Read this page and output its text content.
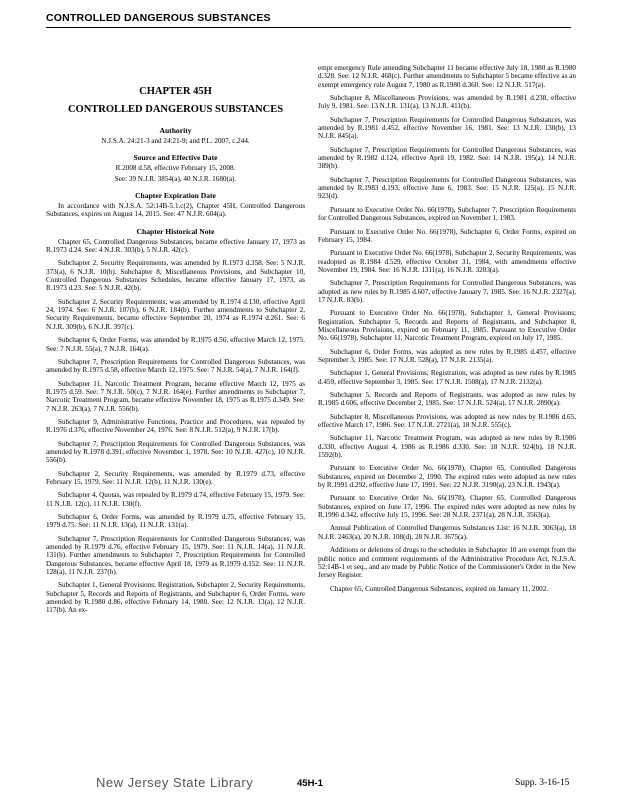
CONTROLLED DANGEROUS SUBSTANCES
CHAPTER 45H
CONTROLLED DANGEROUS SUBSTANCES
Authority
N.J.S.A. 24:21-3 and 24:21-9; and P.L. 2007, c.244.
Source and Effective Date
R.2008 d.58, effective February 15, 2008.
See: 39 N.J.R. 3854(a), 40 N.J.R. 1680(a).
Chapter Expiration Date
In accordance with N.J.S.A. 52:14B-5.1.c(2), Chapter 45H, Controlled Dangerous Substances, expires on August 14, 2015. See: 47 N.J.R. 604(a).
Chapter Historical Note
Chapter 65, Controlled Dangerous Substances, became effective January 17, 1973 as R.1973 d.24. See: 4 N.J.R. 303(b), 5 N.J.R. 42(c).
Subchapter 2, Security Requirements, was amended by R.1973 d.358. See: 5 N.J.R. 373(a), 6 N.J.R. 10(b). Subchapter 8, Miscellaneous Provisions, and Subchapter 10, Controlled Dangerous Substances Schedules, became effective January 17, 1973, as R.1973 d.23. See: 5 N.J.R. 42(b).
Subchapter 2, Security Requirements, was amended by R.1974 d.130, effective April 24, 1974. See: 6 N.J.R. 107(b), 6 N.J.R. 184(b). Further amendments to Subchapter 2, Security Requirements, became effective September 20, 1974 as R.1974 d.261. See: 6 N.J.R. 309(b), 6 N.J.R. 397(c).
Subchapter 6, Order Forms, was amended by R.1975 d.56, effective March 12, 1975. See: 7 N.J.R. 55(a), 7 N.J.R. 164(a).
Subchapter 7, Prescription Requirements for Controlled Dangerous Substances, was amended by R.1975 d.58, effective March 12, 1975. See: 7 N.J.R. 54(a), 7 N.J.R. 164(f).
Subchapter 11, Narcotic Treatment Program, became effective March 12, 1975 as R.1975 d.59. See: 7 N.J.R. 50(c), 7 N.J.R. 164(e). Further amendments to Subchapter 7, Narcotic Treatment Program, became effective November 18, 1975 as R.1975 d.349. See: 7 N.J.R. 263(a), 7 N.J.R. 556(b).
Subchapter 9, Administrative Functions, Practice and Procedures, was repealed by R.1976 d.376, effective November 24, 1976. See: 8 N.J.R. 512(a), 9 N.J.R. 17(b).
Subchapter 7, Prescription Requirements for Controlled Dangerous Substances, was amended by R.1978 d.391, effective November 1, 1978. See: 10 N.J.R. 427(c), 10 N.J.R. 556(b).
Subchapter 2, Security Requirements, was amended by R.1979 d.73, effective February 15, 1979. See: 11 N.J.R. 12(b), 11 N.J.R. 130(e).
Subchapter 4, Quotas, was repealed by R.1979 d.74, effective February 15, 1979. See: 11 N.J.R. 12(c), 11 N.J.R. 130(f).
Subchapter 6, Order Forms, was amended by R.1979 d.75, effective February 15, 1979 d.75. See: 11 N.J.R. 13(a), 11 N.J.R. 131(a).
Subchapter 7, Prescription Requirements for Controlled Dangerous Substances, was amended by R.1979 d.76, effective February 15, 1979. See: 11 N.J.R. 14(a), 11 N.J.R. 131(b). Further amendments to Subchapter 7, Prescription Requirements for Controlled Dangerous Substances, became effective April 18, 1979 as R.1979 d.152. See: 11 N.J.R. 128(a), 11 N.J.R. 237(b).
Subchapter 1, General Provisions; Registration, Subchapter 2, Security Requirements, Subchapter 5, Records and Reports of Registrants, and Subchapter 6, Order Forms, were amended by R.1980 d.86, effective February 14, 1980. See: 12 N.J.R. 13(a), 12 N.J.R. 117(b). An ex-
empt emergency Rule amending Subchapter 11 became effective July 18, 1980 as R.1980 d.328. See: 12 N.J.R. 468(c). Further amendments to Subchapter 5 became effective as an exempt emergency rule August 7, 1980 as R.1980 d.360. See: 12 N.J.R. 517(a).
Subchapter 8, Miscellaneous Provisions, was amended by R.1981 d.238, effective July 9, 1981. See: 13 N.J.R. 131(a), 13 N.J.R. 411(b).
Subchapter 7, Prescription Requirements for Controlled Dangerous Substances, was amended by R.1981 d.452, effective November 16, 1981. See: 13 N.J.R. 130(b), 13 N.J.R. 845(a).
Subchapter 7, Prescription Requirements for Controlled Dangerous Substances, was amended by R.1982 d.124, effective April 19, 1982. See: 14 N.J.R. 195(a), 14 N.J.R. 389(b).
Subchapter 7, Prescription Requirements for Controlled Dangerous Substances, was amended by R.1983 d.193, effective June 6, 1983. See: 15 N.J.R. 125(a), 15 N.J.R. 923(d).
Pursuant to Executive Order No. 66(1978), Subchapter 7, Prescription Requirements for Controlled Dangerous Substances, expired on November 1, 1983.
Pursuant to Executive Order No. 66(1978), Subchapter 6, Order Forms, expired on February 15, 1984.
Pursuant to Executive Order No. 66(1978), Subchapter 2, Security Requirements, was readopted as R.1984 d.529, effective October 31, 1984, with amendments effective November 19, 1984. See: 16 N.J.R. 1311(a), 16 N.J.R. 3203(a).
Subchapter 7, Prescription Requirements for Controlled Dangerous Substances, was adopted as new rules by R.1985 d.607, effective January 7, 1985. See: 16 N.J.R. 2327(a), 17 N.J.R. 83(b).
Pursuant to Executive Order No. 66(1978), Subchapter 1, General Provisions; Registration, Subchapter 5, Records and Reports of Registrants, and Subchapter 8, Miscellaneous Provisions, expired on February 11, 1985. Pursuant to Executive Order No. 66(1978), Subchapter 11, Narcotic Treatment Program, expired on July 17, 1985.
Subchapter 6, Order Forms, was adopted as new rules by R.1985 d.457, effective September 3, 1985. See: 17 N.J.R. 528(a), 17 N.J.R. 2135(a).
Subchapter 1, General Provisions; Registration, was adopted as new rules by R.1985 d.459, effective September 3, 1985. See: 17 N.J.R. 1508(a), 17 N.J.R. 2132(a).
Subchapter 5, Records and Reports of Registrants, was adopted as new rules by R.1985 d.606, effective December 2, 1985. See: 17 N.J.R. 524(a), 17 N.J.R. 2890(a).
Subchapter 8, Miscellaneous Provisions, was adopted as new rules by R.1986 d.65, effective March 17, 1986. See: 17 N.J.R. 2721(a), 18 N.J.R. 555(c).
Subchapter 11, Narcotic Treatment Program, was adopted as new rules by R.1986 d.330, effective August 4, 1986 as R.1986 d.330. See: 18 N.J.R. 924(b), 18 N.J.R. 1592(b).
Pursuant to Executive Order No. 66(1978), Chapter 65, Controlled Dangerous Substances, expired on December 2, 1990. The expired rules were adopted as new rules by R.1991 d.292, effective June 17, 1991. See: 22 N.J.R. 3190(a), 23 N.J.R. 1943(a).
Pursuant to Executive Order No. 66(1978), Chapter 65, Controlled Dangerous Substances, expired on June 17, 1996. The expired rules were adopted as new rules by R.1996 d.342, effective July 15, 1996. See: 28 N.J.R. 2371(a), 28 N.J.R. 3563(a).
Annual Publication of Controlled Dangerous Substances List: 16 N.J.R. 3063(a), 18 N.J.R. 2463(a), 20 N.J.R. 108(d), 28 N.J.R. 3675(a).
Additions or deletions of drugs to the schedules in Subchapter 10 are exempt from the public notice and comment requirements of the Administrative Procedure Act, N.J.S.A. 52:14B-1 et seq., and are made by Public Notice of the Commissioner's Order in the New Jersey Register.
Chapter 65, Controlled Dangerous Substances, expired on January 11, 2002.
New Jersey State Library	45H-1	Supp. 3-16-15
